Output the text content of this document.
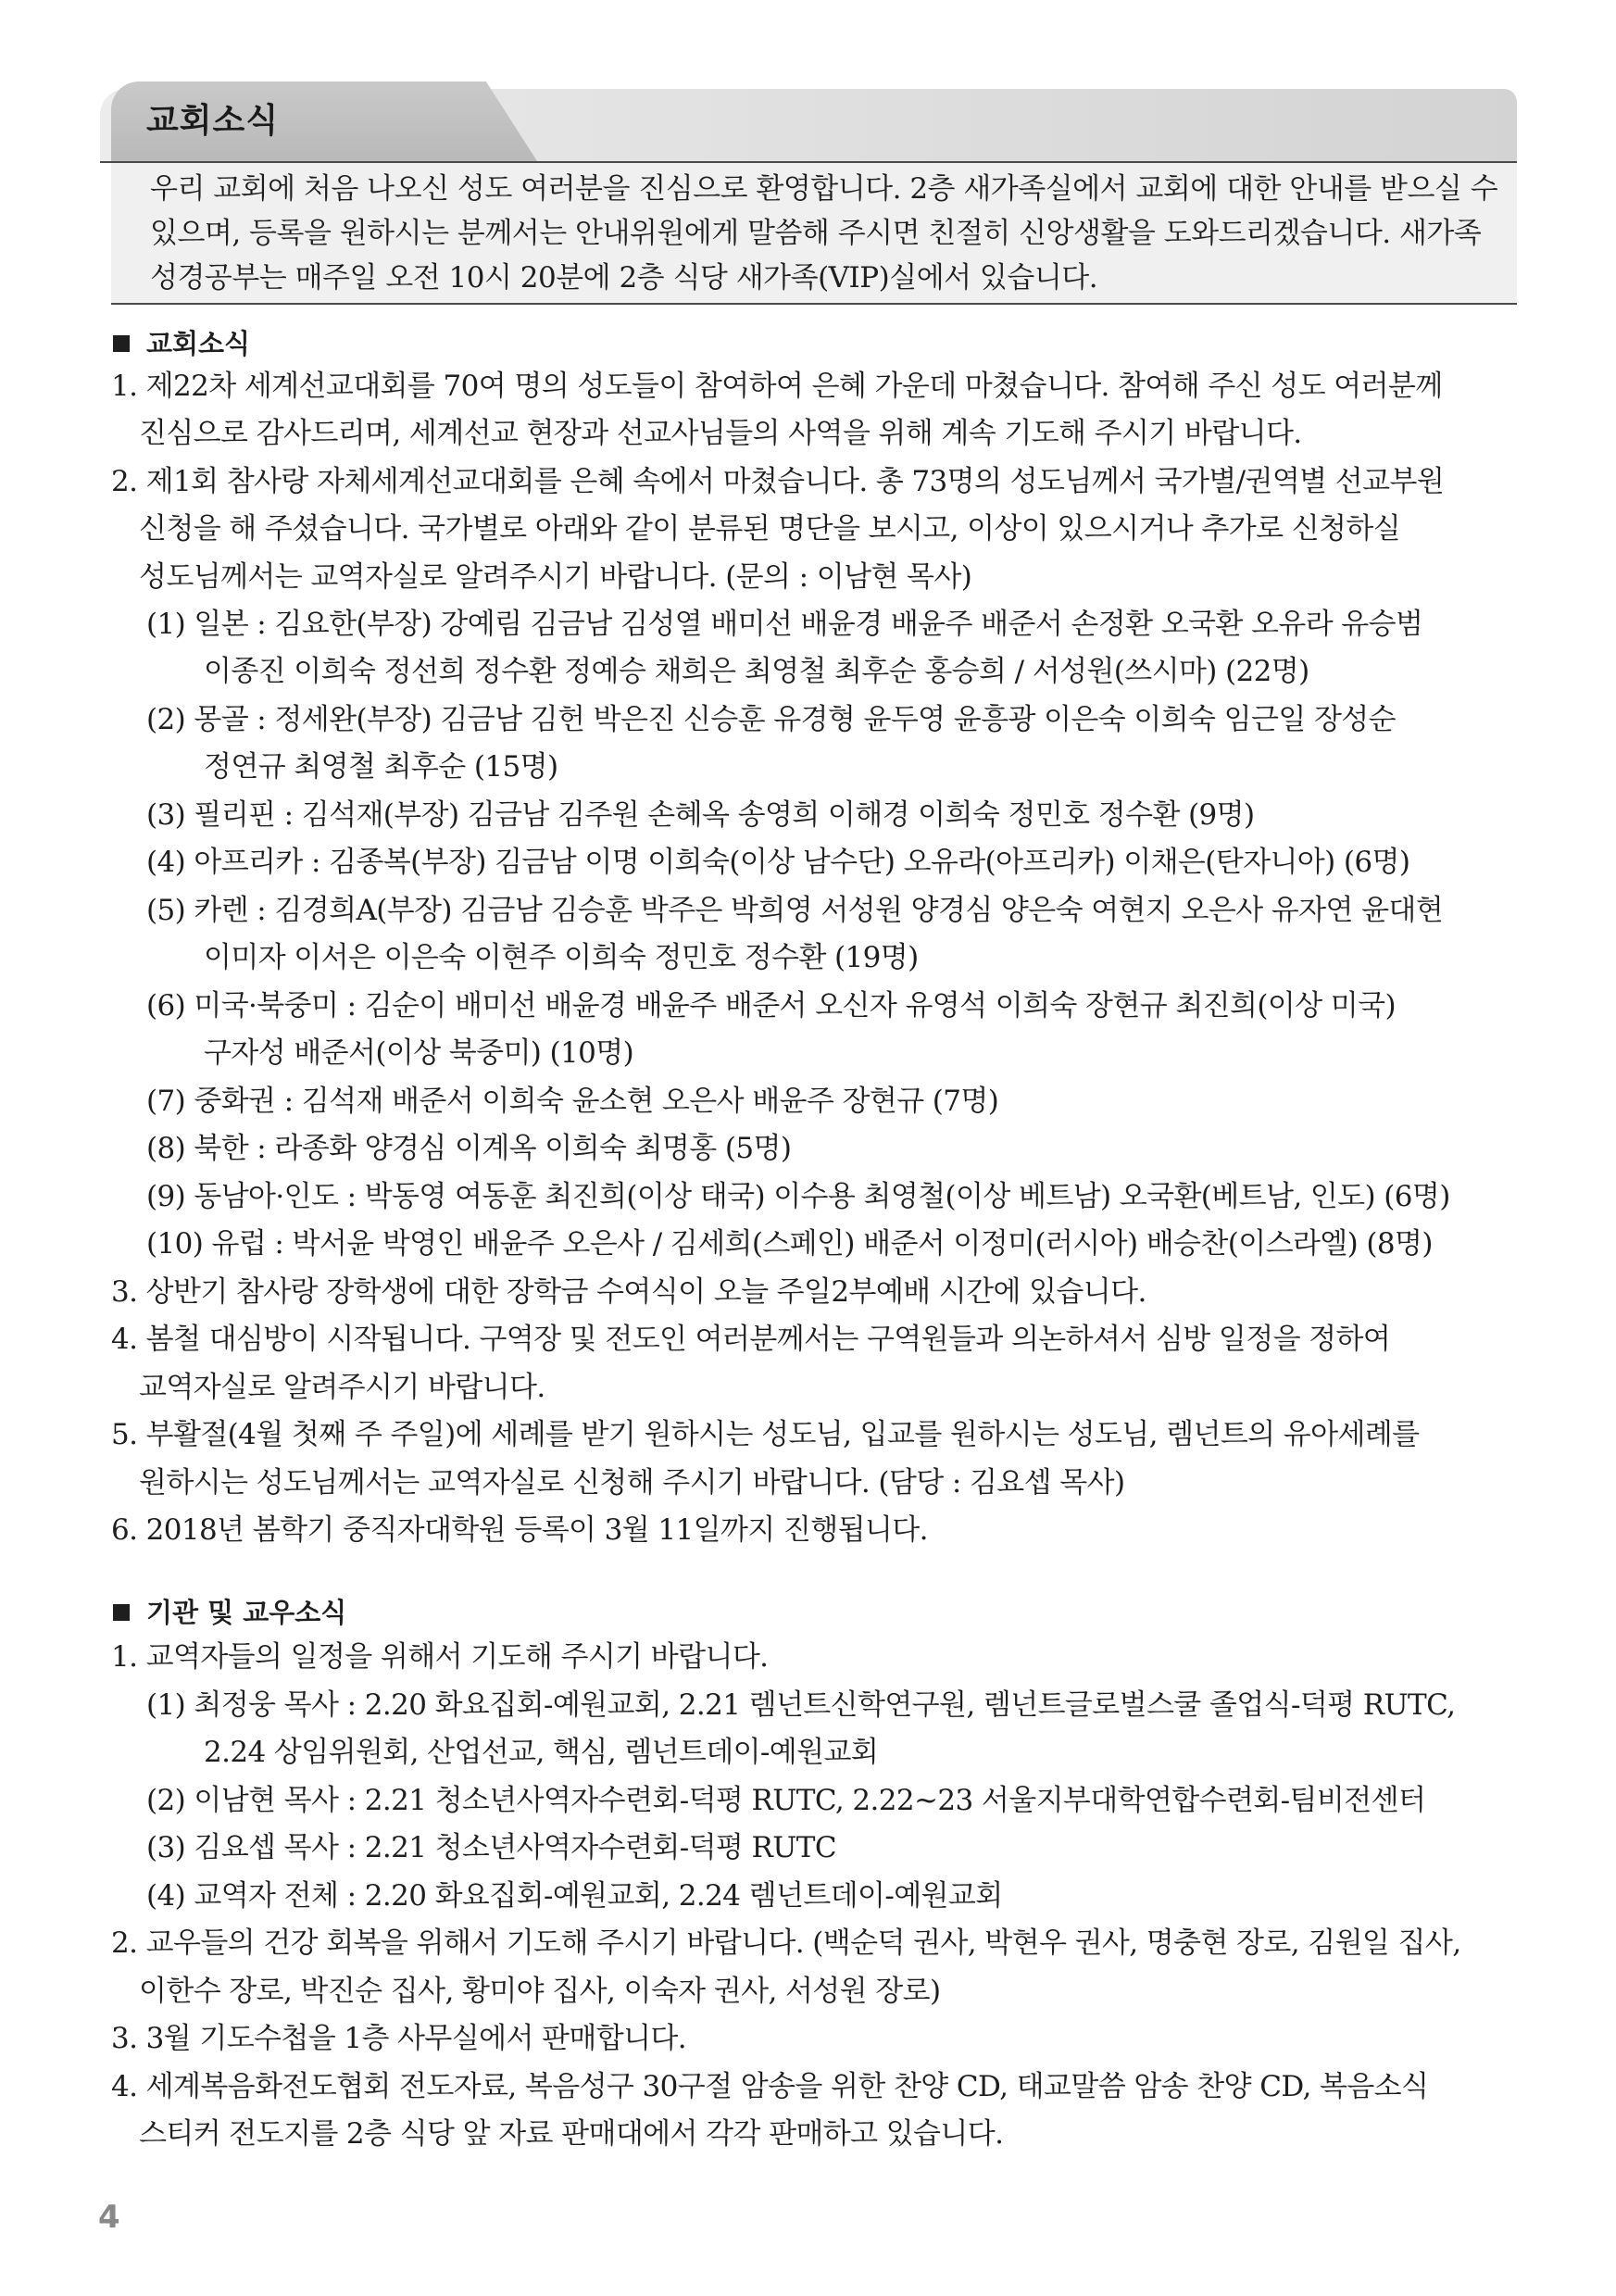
교회소식

우리 교회에 처음 나오신 성도 여러분을 진심으로 환영합니다. 2층 새가족실에서 교회에 대한 안내를 받으실 수 있으며, 등록을 원하시는 분께서는 안내위원에게 말씀해 주시면 친절히 신앙생활을 도와드리겠습니다. 새가족 성경공부는 매주일 오전 10시 20분에 2층 식당 새가족(VIP)실에서 있습니다.

교회소식
1. 제22차 세계선교대회를 70여 명의 성도들이 참여하여 은혜 가운데 마쳤습니다. 참여해 주신 성도 여러분께
진심으로 감사드리며, 세계선교 현장과 선교사님들의 사역을 위해 계속 기도해 주시기 바랍니다.
2. 제1회 참사랑 자체세계선교대회를 은혜 속에서 마쳤습니다. 총 73명의 성도님께서 국가별/권역별 선교부원
신청을 해 주셨습니다. 국가별로 아래와 같이 분류된 명단을 보시고, 이상이 있으시거나 추가로 신청하실
성도님께서는 교역자실로 알려주시기 바랍니다. (문의 : 이남현 목사)
(1) 일본 : 김요한(부장) 강예림 김금남 김성열 배미선 배윤경 배윤주 배준서 손정환 오국환 오유라 유승범
이종진 이희숙 정선희 정수환 정예승 채희은 최영철 최후순 홍승희 / 서성원(쓰시마) (22명)
(2) 몽골 : 정세완(부장) 김금남 김헌 박은진 신승훈 유경형 윤두영 윤흥광 이은숙 이희숙 임근일 장성순
정연규 최영철 최후순 (15명)
(3) 필리핀 : 김석재(부장) 김금남 김주원 손혜옥 송영희 이해경 이희숙 정민호 정수환 (9명)
(4) 아프리카 : 김종복(부장) 김금남 이명 이희숙(이상 남수단) 오유라(아프리카) 이채은(탄자니아) (6명)
(5) 카렌 : 김경희A(부장) 김금남 김승훈 박주은 박희영 서성원 양경심 양은숙 여현지 오은사 유자연 윤대현
이미자 이서은 이은숙 이현주 이희숙 정민호 정수환 (19명)
(6) 미국·북중미 : 김순이 배미선 배윤경 배윤주 배준서 오신자 유영석 이희숙 장현규 최진희(이상 미국)
구자성 배준서(이상 북중미) (10명)
(7) 중화권 : 김석재 배준서 이희숙 윤소현 오은사 배윤주 장현규 (7명)
(8) 북한 : 라종화 양경심 이계옥 이희숙 최명홍 (5명)
(9) 동남아·인도 : 박동영 여동훈 최진희(이상 태국) 이수용 최영철(이상 베트남) 오국환(베트남, 인도) (6명)
(10) 유럽 : 박서윤 박영인 배윤주 오은사 / 김세희(스페인) 배준서 이정미(러시아) 배승찬(이스라엘) (8명)
3. 상반기 참사랑 장학생에 대한 장학금 수여식이 오늘 주일2부예배 시간에 있습니다.
4. 봄철 대심방이 시작됩니다. 구역장 및 전도인 여러분께서는 구역원들과 의논하셔서 심방 일정을 정하여
교역자실로 알려주시기 바랍니다.
5. 부활절(4월 첫째 주 주일)에 세례를 받기 원하시는 성도님, 입교를 원하시는 성도님, 렘넌트의 유아세례를
원하시는 성도님께서는 교역자실로 신청해 주시기 바랍니다. (담당 : 김요셉 목사)
6. 2018년 봄학기 중직자대학원 등록이 3월 11일까지 진행됩니다.
기관 및 교우소식
1. 교역자들의 일정을 위해서 기도해 주시기 바랍니다.
(1) 최정웅 목사 : 2.20 화요집회-예원교회, 2.21 렘넌트신학연구원, 렘넌트글로벌스쿨 졸업식-덕평 RUTC,
2.24 상임위원회, 산업선교, 핵심, 렘넌트데이-예원교회
(2) 이남현 목사 : 2.21 청소년사역자수련회-덕평 RUTC, 2.22~23 서울지부대학연합수련회-팀비전센터
(3) 김요셉 목사 : 2.21 청소년사역자수련회-덕평 RUTC
(4) 교역자 전체 : 2.20 화요집회-예원교회, 2.24 렘넌트데이-예원교회
2. 교우들의 건강 회복을 위해서 기도해 주시기 바랍니다. (백순덕 권사, 박현우 권사, 명충현 장로, 김원일 집사,
이한수 장로, 박진순 집사, 황미야 집사, 이숙자 권사, 서성원 장로)
3. 3월 기도수첩을 1층 사무실에서 판매합니다.
4. 세계복음화전도협회 전도자료, 복음성구 30구절 암송을 위한 찬양 CD, 태교말씀 암송 찬양 CD, 복음소식
스티커 전도지를 2층 식당 앞 자료 판매대에서 각각 판매하고 있습니다.
4
